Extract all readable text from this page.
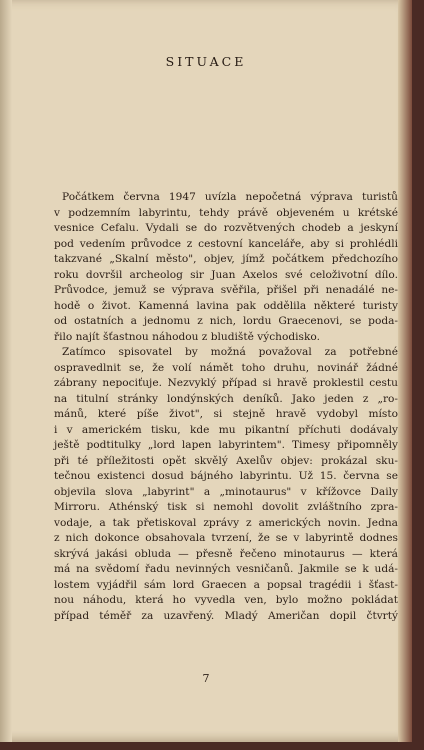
SITUACE
Počátkem června 1947 uvízla nepočetná výprava turistů
v podzemním labyrintu, tehdy právě objeveném u krétské
vesnice Cefalu. Vydali se do rozvětvených chodeb a jeskyní
pod vedením průvodce z cestovní kanceláře, aby si prohlédli
takzvané „Skalní město", objev, jímž počátkem předchozího
roku dovršil archeolog sir Juan Axelos své celoživotní dílo.
Průvodce, jemuž se výprava svěřila, přišel při nenadálé ne-
hodě o život. Kamenná lavina pak oddělila některé turisty
od ostatních a jednomu z nich, lordu Graecenovi, se poda-
řilo najít šťastnou náhodou z bludiště východisko.
Zatímco spisovatel by možná považoval za potřebné
ospravedlnit se, že volí námět toho druhu, novinář žádné
zábrany nepociťuje. Nezvyklý případ si hravě proklestil cestu
na titulní stránky londýnských deníků. Jako jeden z „ro-
mánů, které píše život", si stejně hravě vydobyl místo
i v americkém tisku, kde mu pikantní příchuti dodávaly
ještě podtitulky „lord lapen labyrintem". Timesy připomněly
při té příležitosti opět skvělý Axelův objev: prokázal sku-
tečnou existenci dosud bájného labyrintu. Už 15. června se
objevila slova „labyrint" a „minotaurus" v křížovce Daily
Mirroru. Athénský tisk si nemohl dovolit zvláštního zpra-
vodaje, a tak přetiskoval zprávy z amerických novin. Jedna
z nich dokonce obsahovala tvrzení, že se v labyrintě dodnes
skrývá jakási obluda — přesně řečeno minotaurus — která
má na svědomí řadu nevinných vesničanů. Jakmile se k udá-
lostem vyjádřil sám lord Graecen a popsal tragédii i šťast-
nou náhodu, která ho vyvedla ven, bylo možno pokládat
případ téměř za uzavřený. Mladý Američan dopil čtvrtý
7
